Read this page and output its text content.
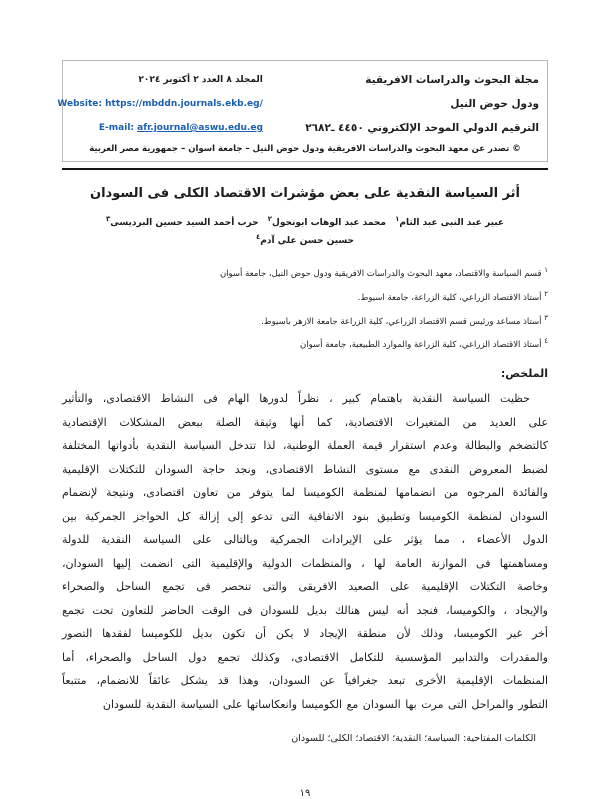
مجلة البحوث والدراسات الافريقية
ودول حوض النيل
الترقيم الدولي الموحد الإلكتروني ٤٤٥٠ ـ٢٦٨٢
المجلد ٨ العدد ٢ أكتوبر ٢٠٢٤
Website: https://mbddn.journals.ekb.eg/
E-mail: afr.journal@aswu.edu.eg
© تصدر عن معهد البحوث والدراسات الافريقية ودول حوض النيل – جامعة اسوان – جمهورية مصر العربية
أثر السياسة النقدية على بعض مؤشرات الاقتصاد الكلى فى السودان
عبير عبد النبى عبد التام$^١$ محمد عبد الوهاب ابونحول$^٢$ حرب أحمد السيد حسين البرديسى$^٣$ حسين حسن علي آدم$^٤$
$^١$ قسم السياسة والاقتصاد، معهد البحوث والدراسات الافريقية ودول حوض النيل، جامعة أسوان
$^٢$ أستاذ الاقتصاد الزراعي، كلية الزراعة، جامعة اسيوط.
$^٣$ أستاذ مساعد ورئيس قسم الاقتصاد الزراعي، كلية الزراعة جامعة الازهر باسيوط.
$^٤$ أستاذ الاقتصاد الزراعي، كلية الزراعة والموارد الطبيعية، جامعة أسوان
الملخص:
حظيت السياسة النقدية باهتمام كبير ، نظراً لدورها الهام فى النشاط الاقتصادى، والتأثير
على العديد من المتغيرات الاقتصادية، كما أنها وثيقة الصلة ببعض المشكلات الإقتصادية
كالتضخم والبطالة وعدم استقرار قيمة العملة الوطنية، لذا تتدخل السياسة النقدية بأدواتها المختلفة
لضبط المعروض النقدى مع مستوى النشاط الاقتصادى، ونجد حاجة السودان للتكتلات الإقليمية
والفائدة المرجوه من انضمامها لمنظمة الكوميسا لما يتوفر من تعاون اقتصادى، ونتيجة لإنضمام
السودان لمنظمة الكوميسا وتطبيق بنود الاتفاقية التى تدعو إلى إزالة كل الحواجز الجمركية بين
الدول الأعضاء ، مما يؤثر على الإيرادات الجمركية وبالتالى على السياسة النقدية للدولة
ومساهمتها فى الموازنة العامة لها ، والمنظمات الدولية والإقليمية التى انضمت إليها السودان،
وخاصة التكتلات الإقليمية على الصعيد الافريقى والتى تنحصر فى تجمع الساحل والصحراء
والإيجاد ، والكوميسا، فنجد أنه ليس هنالك بديل للسودان فى الوقت الحاضر للتعاون تحت تجمع
أخر غير الكوميسا، وذلك لأن منطقة الإيجاد لا يكن أن تكون بديل للكوميسا لفقدها التصور
والمقدرات والتدابير المؤسسية للتكامل الاقتصادى، وكذلك تجمع دول الساحل والصحراء، أما
المنظمات الإقليمية الأخرى تبعد جغرافياً عن السودان، وهذا قد يشكل عائقاً للانضمام، متتبعاً
التطور والمراحل التى مرت بها السودان مع الكوميسا وانعكاساتها على السياسة النقدية للسودان
الكلمات المفتاحية: السياسة؛ النقدية؛ الاقتصاد؛ الكلى؛ للسودان
١٩
